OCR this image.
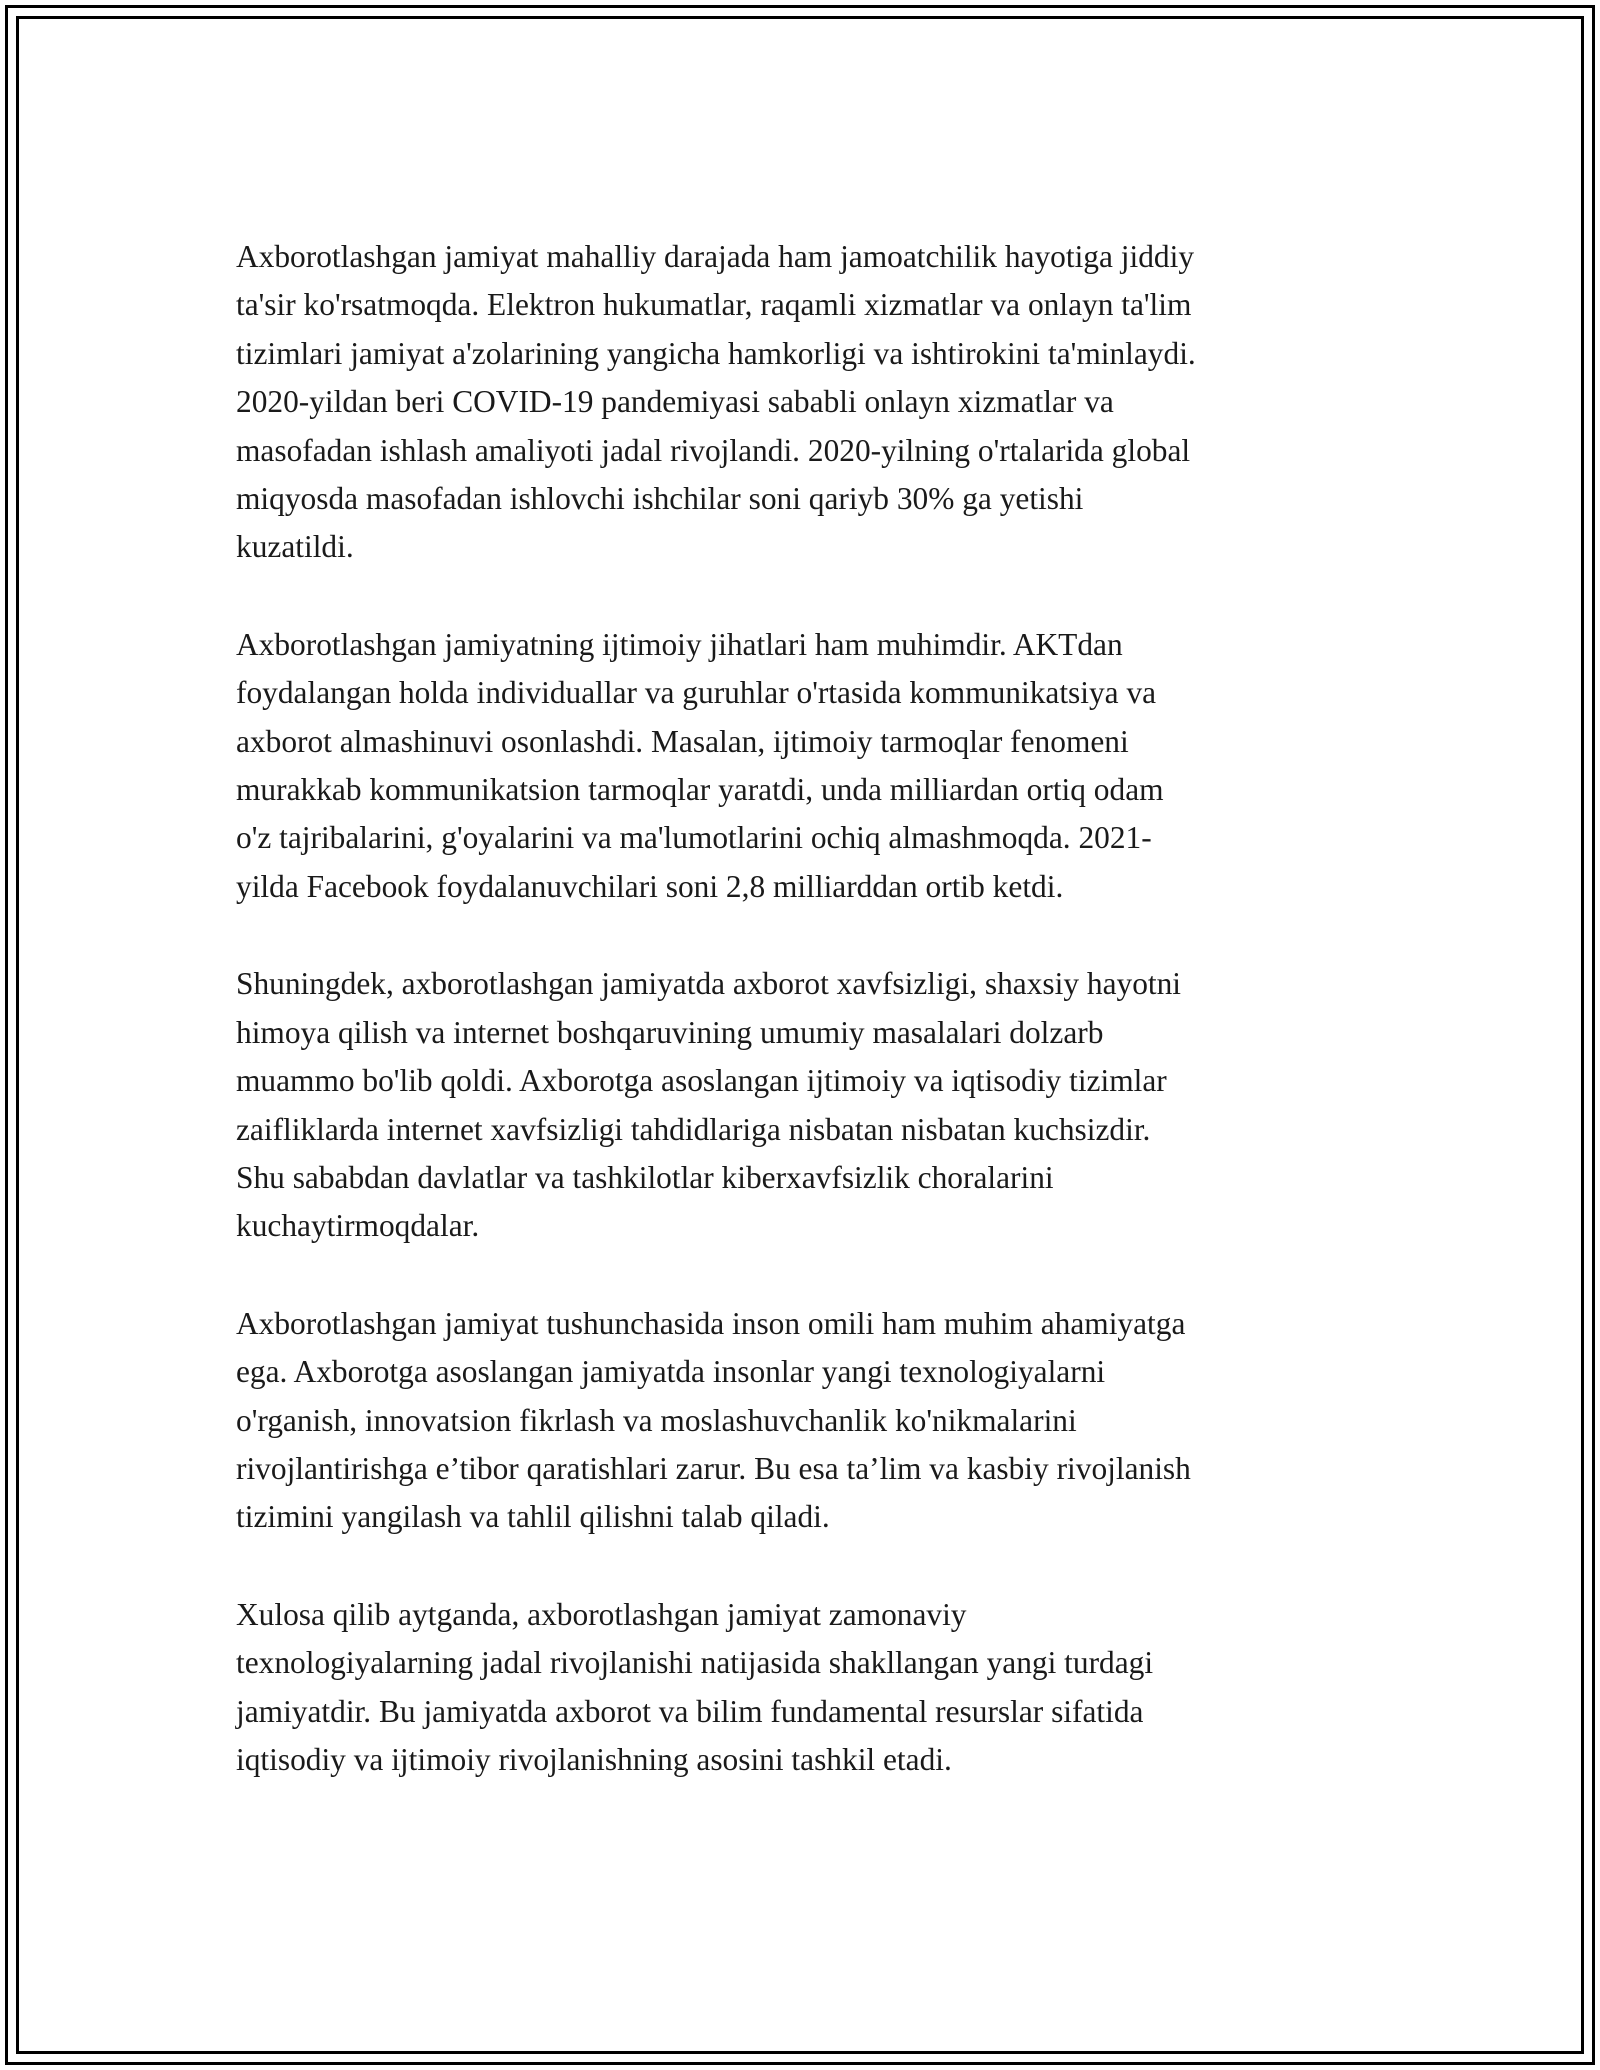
Axborotlashgan jamiyat mahalliy darajada ham jamoatchilik hayotiga jiddiy
ta'sir ko'rsatmoqda. Elektron hukumatlar, raqamli xizmatlar va onlayn ta'lim
tizimlari jamiyat a'zolarining yangicha hamkorligi va ishtirokini ta'minlaydi.
2020-yildan beri COVID-19 pandemiyasi sababli onlayn xizmatlar va
masofadan ishlash amaliyoti jadal rivojlandi. 2020-yilning o'rtalarida global
miqyosda masofadan ishlovchi ishchilar soni qariyb 30% ga yetishi
kuzatildi.

Axborotlashgan jamiyatning ijtimoiy jihatlari ham muhimdir. AKTdan
foydalangan holda individuallar va guruhlar o'rtasida kommunikatsiya va
axborot almashinuvi osonlashdi. Masalan, ijtimoiy tarmoqlar fenomeni
murakkab kommunikatsion tarmoqlar yaratdi, unda milliardan ortiq odam
o'z tajribalarini, g'oyalarini va ma'lumotlarini ochiq almashmoqda. 2021-
yilda Facebook foydalanuvchilari soni 2,8 milliarddan ortib ketdi.

Shuningdek, axborotlashgan jamiyatda axborot xavfsizligi, shaxsiy hayotni
himoya qilish va internet boshqaruvining umumiy masalalari dolzarb
muammo bo'lib qoldi. Axborotga asoslangan ijtimoiy va iqtisodiy tizimlar
zaifliklarda internet xavfsizligi tahdidlariga nisbatan nisbatan kuchsizdir.
Shu sababdan davlatlar va tashkilotlar kiberxavfsizlik choralarini
kuchaytirmoqdalar.

Axborotlashgan jamiyat tushunchasida inson omili ham muhim ahamiyatga
ega. Axborotga asoslangan jamiyatda insonlar yangi texnologiyalarni
o'rganish, innovatsion fikrlash va moslashuvchanlik ko'nikmalarini
rivojlantirishga e’tibor qaratishlari zarur. Bu esa ta’lim va kasbiy rivojlanish
tizimini yangilash va tahlil qilishni talab qiladi.

Xulosa qilib aytganda, axborotlashgan jamiyat zamonaviy
texnologiyalarning jadal rivojlanishi natijasida shakllangan yangi turdagi
jamiyatdir. Bu jamiyatda axborot va bilim fundamental resurslar sifatida
iqtisodiy va ijtimoiy rivojlanishning asosini tashkil etadi.
